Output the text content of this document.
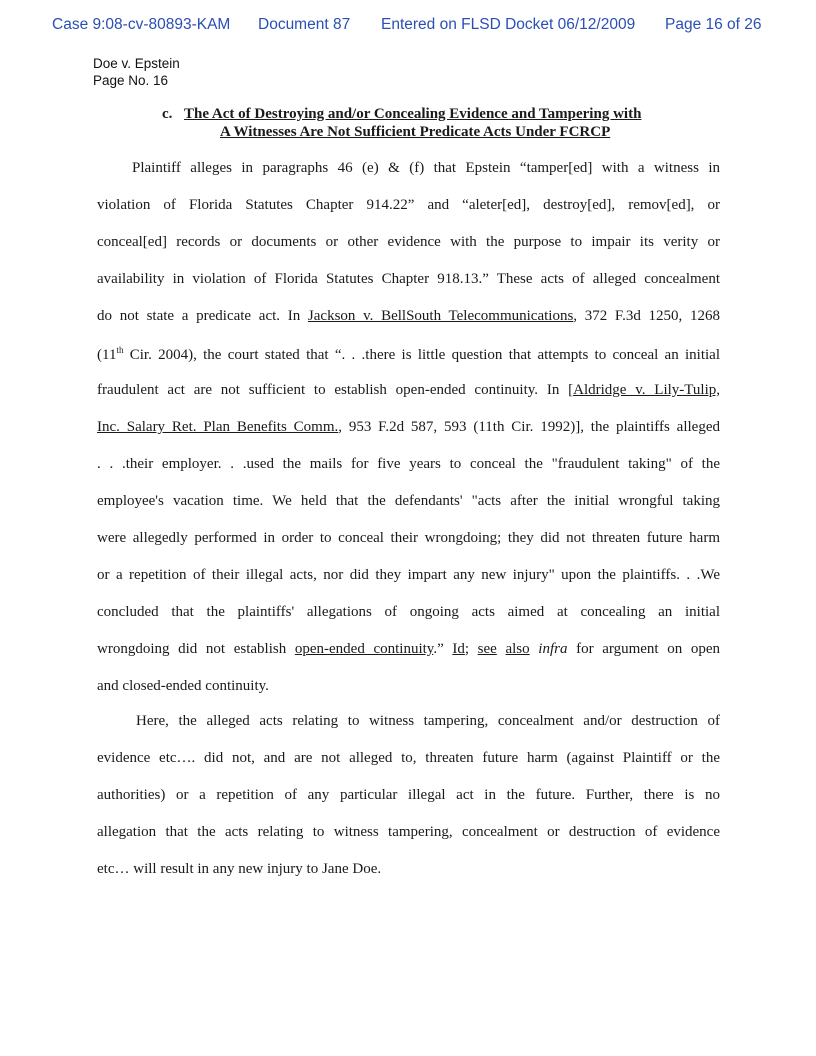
Case 9:08-cv-80893-KAM Document 87 Entered on FLSD Docket 06/12/2009 Page 16 of 26
Doe v. Epstein
Page No. 16
c. The Act of Destroying and/or Concealing Evidence and Tampering with
A Witnesses Are Not Sufficient Predicate Acts Under FCRCP
Plaintiff alleges in paragraphs 46 (e) & (f) that Epstein “tamper[ed] with a witness in
violation of Florida Statutes Chapter 914.22” and “aleter[ed], destroy[ed], remov[ed], or
conceal[ed] records or documents or other evidence with the purpose to impair its verity or
availability in violation of Florida Statutes Chapter 918.13.” These acts of alleged concealment
do not state a predicate act. In Jackson v. BellSouth Telecommunications, 372 F.3d 1250, 1268
(11th Cir. 2004), the court stated that “. . .there is little question that attempts to conceal an initial
fraudulent act are not sufficient to establish open-ended continuity. In [Aldridge v. Lily-Tulip,
Inc. Salary Ret. Plan Benefits Comm., 953 F.2d 587, 593 (11th Cir. 1992)], the plaintiffs alleged
. . .their employer. . .used the mails for five years to conceal the "fraudulent taking" of the
employee's vacation time. We held that the defendants' "acts after the initial wrongful taking
were allegedly performed in order to conceal their wrongdoing; they did not threaten future harm
or a repetition of their illegal acts, nor did they impart any new injury" upon the plaintiffs. . .We
concluded that the plaintiffs' allegations of ongoing acts aimed at concealing an initial
wrongdoing did not establish open-ended continuity.” Id; see also infra for argument on open
and closed-ended continuity.
Here, the alleged acts relating to witness tampering, concealment and/or destruction of
evidence etc…. did not, and are not alleged to, threaten future harm (against Plaintiff or the
authorities) or a repetition of any particular illegal act in the future. Further, there is no
allegation that the acts relating to witness tampering, concealment or destruction of evidence
etc… will result in any new injury to Jane Doe.
